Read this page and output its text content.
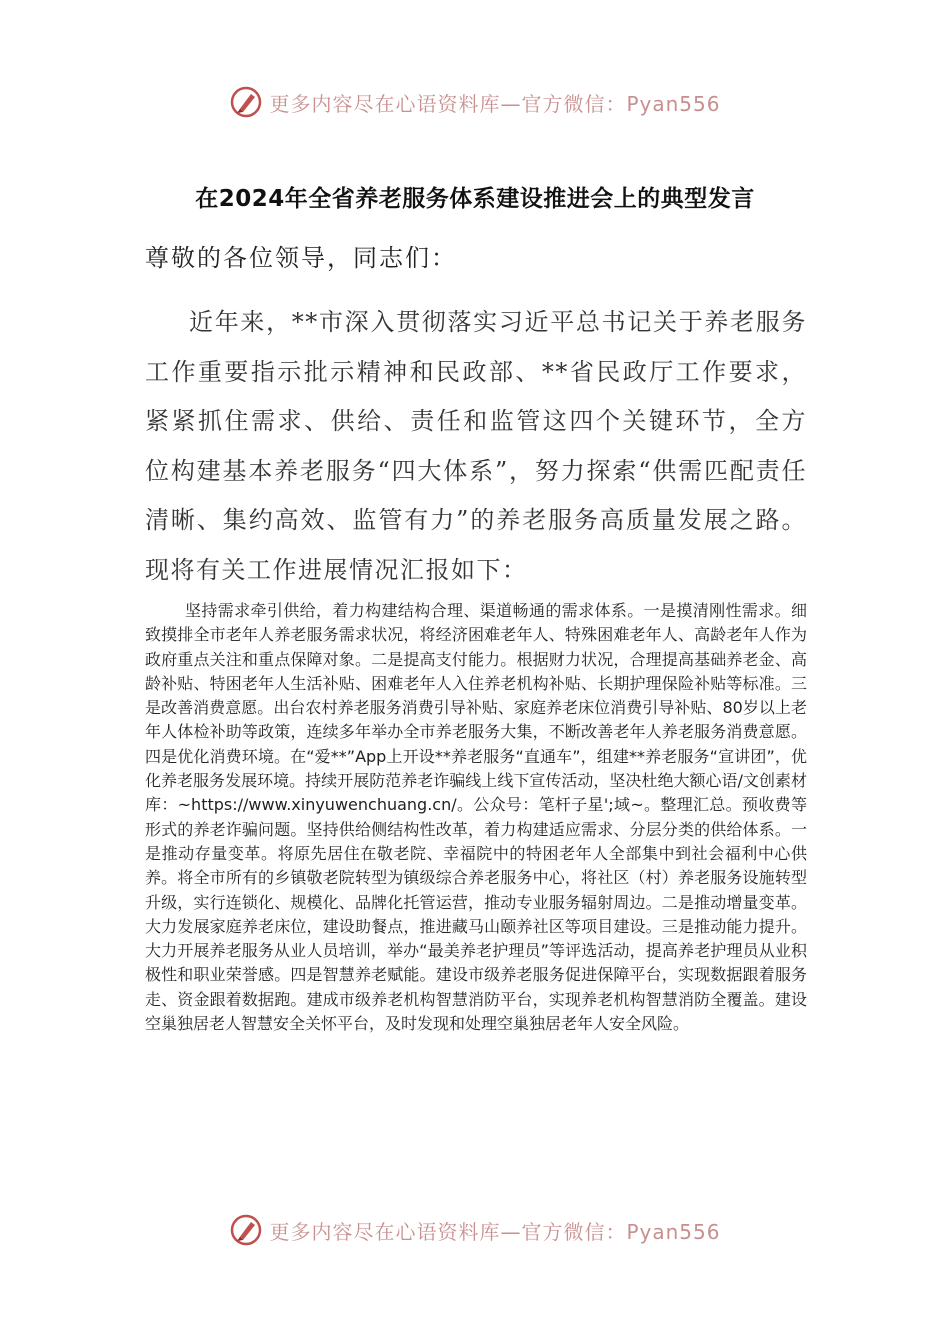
更多内容尽在心语资料库—官方微信：Pyan556
在2024年全省养老服务体系建设推进会上的典型发言
尊敬的各位领导，同志们：

近年来，**市深入贯彻落实习近平总书记关于养老服务工作重要指示批示精神和民政部、**省民政厅工作要求，紧紧抓住需求、供给、责任和监管这四个关键环节，全方位构建基本养老服务“四大体系”，努力探索“供需匹配责任清晰、集约高效、监管有力”的养老服务高质量发展之路。现将有关工作进展情况汇报如下：

坚持需求牵引供给，着力构建结构合理、渠道畅通的需求体系。一是摸清刚性需求。细致摸排全市老年人养老服务需求状况，将经济困难老年人、特殊困难老年人、高龄老年人作为政府重点关注和重点保障对象。二是提高支付能力。根据财力状况，合理提高基础养老金、高龄补贴、特困老年人生活补贴、困难老年人入住养老机构补贴、长期护理保险补贴等标准。三是改善消费意愿。出台农村养老服务消费引导补贴、家庭养老床位消费引导补贴、80岁以上老年人体检补助等政策，连续多年举办全市养老服务大集，不断改善老年人养老服务消费意愿。四是优化消费环境。在“爱**”App上开设**养老服务“直通车”，组建**养老服务“宣讲团”，优化养老服务发展环境。持续开展防范养老诈骗线上线下宣传活动，坚决杜绝大额心语/文创素材库：~https://www.xinyuwenchuang.cn/。公众号：笔杆子星';域~。整理汇总。预收费等形式的养老诈骗问题。坚持供给侧结构性改革，着力构建适应需求、分层分类的供给体系。一是推动存量变革。将原先居住在敬老院、幸福院中的特困老年人全部集中到社会福利中心供养。将全市所有的乡镇敬老院转型为镇级综合养老服务中心，将社区（村）养老服务设施转型升级，实行连锁化、规模化、品牌化托管运营，推动专业服务辐射周边。二是推动增量变革。大力发展家庭养老床位，建设助餐点，推进藏马山颐养社区等项目建设。三是推动能力提升。大力开展养老服务从业人员培训，举办“最美养老护理员”等评选活动，提高养老护理员从业积极性和职业荣誉感。四是智慧养老赋能。建设市级养老服务促进保障平台，实现数据跟着服务走、资金跟着数据跑。建成市级养老机构智慧消防平台，实现养老机构智慧消防全覆盖。建设空巢独居老人智慧安全关怀平台，及时发现和处理空巢独居老年人安全风险。

更多内容尽在心语资料库—官方微信：Pyan556
